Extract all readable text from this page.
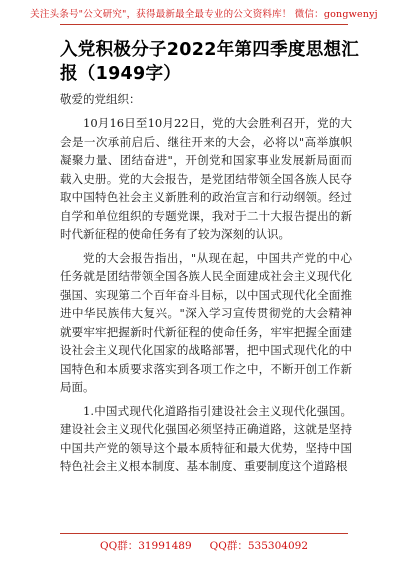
关注头条号"公文研究"，获得最新最全最专业的公文资料库！ 微信：gongwenyj
入党积极分子2022年第四季度思想汇报（1949字）
敬爱的党组织：

10月16日至10月22日，党的大会胜利召开，党的大会是一次承前启后、继往开来的大会，必将以"高举旗帜凝聚力量、团结奋进"，开创党和国家事业发展新局面而载入史册。党的大会报告，是党团结带领全国各族人民夺取中国特色社会主义新胜利的政治宣言和行动纲领。经过自学和单位组织的专题党课，我对于二十大报告提出的新时代新征程的使命任务有了较为深刻的认识。

党的大会报告指出，"从现在起，中国共产党的中心任务就是团结带领全国各族人民全面建成社会主义现代化强国、实现第二个百年奋斗目标，以中国式现代化全面推进中华民族伟大复兴。"深入学习宣传贯彻党的大会精神就要牢牢把握新时代新征程的使命任务，牢牢把握全面建设社会主义现代化国家的战略部署，把中国式现代化的中国特色和本质要求落实到各项工作之中，不断开创工作新局面。

1.中国式现代化道路指引建设社会主义现代化强国。建设社会主义现代化强国必须坚持正确道路，这就是坚持中国共产党的领导这个最本质特征和最大优势，坚持中国特色社会主义根本制度、基本制度、重要制度这个道路根

QQ群：31991489 QQ群：535304092
